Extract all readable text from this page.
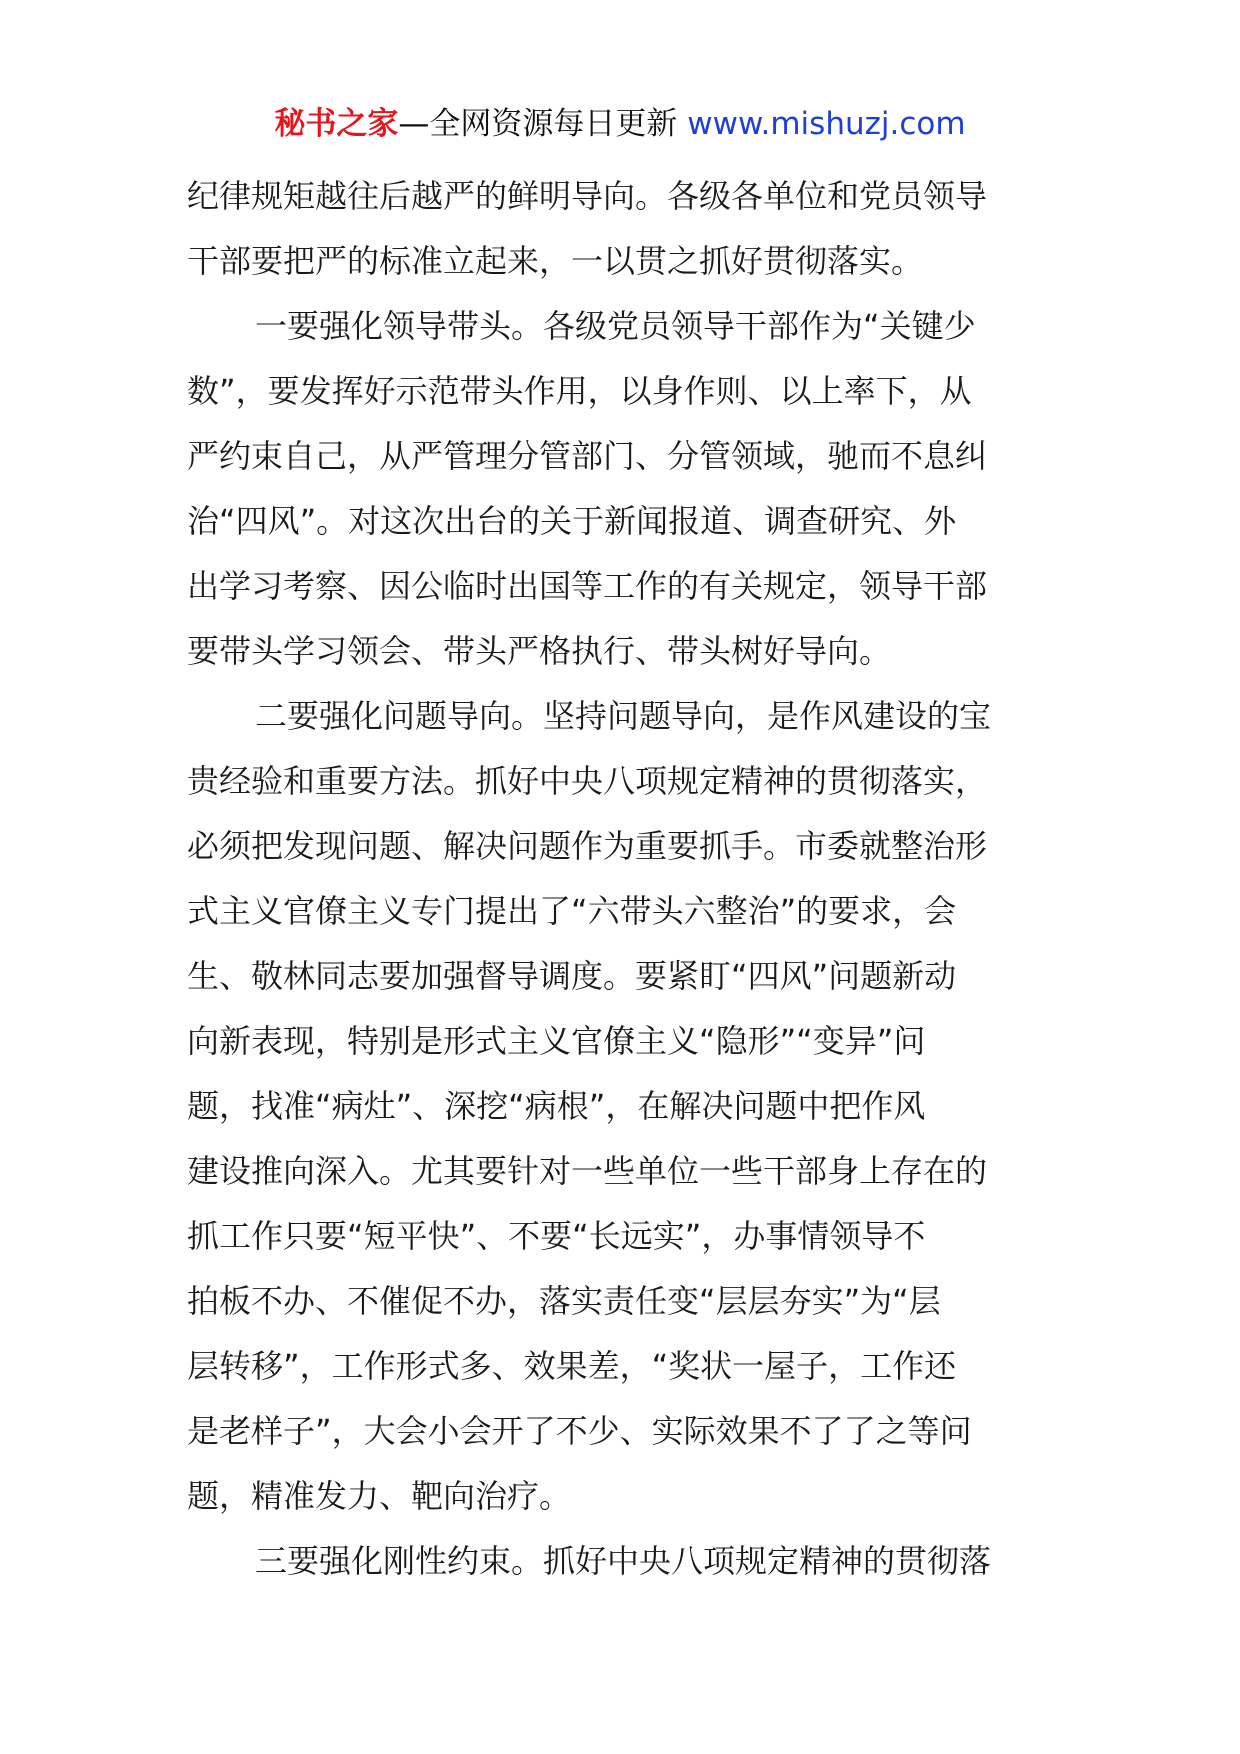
秘书之家—全网资源每日更新 www.mishuzj.com
纪律规矩越往后越严的鲜明导向。各级各单位和党员领导
干部要把严的标准立起来，一以贯之抓好贯彻落实。
一要强化领导带头。各级党员领导干部作为“关键少
数”，要发挥好示范带头作用，以身作则、以上率下，从
严约束自己，从严管理分管部门、分管领域，驰而不息纠
治“四风”。对这次出台的关于新闻报道、调查研究、外
出学习考察、因公临时出国等工作的有关规定，领导干部
要带头学习领会、带头严格执行、带头树好导向。
二要强化问题导向。坚持问题导向，是作风建设的宝
贵经验和重要方法。抓好中央八项规定精神的贯彻落实，
必须把发现问题、解决问题作为重要抓手。市委就整治形
式主义官僚主义专门提出了“六带头六整治”的要求，会
生、敬林同志要加强督导调度。要紧盯“四风”问题新动
向新表现，特别是形式主义官僚主义“隐形”“变异”问
题，找准“病灶”、深挖“病根”，在解决问题中把作风
建设推向深入。尤其要针对一些单位一些干部身上存在的
抓工作只要“短平快”、不要“长远实”，办事情领导不
拍板不办、不催促不办，落实责任变“层层夯实”为“层
层转移”，工作形式多、效果差，“奖状一屋子，工作还
是老样子”，大会小会开了不少、实际效果不了了之等问
题，精准发力、靶向治疗。
三要强化刚性约束。抓好中央八项规定精神的贯彻落
